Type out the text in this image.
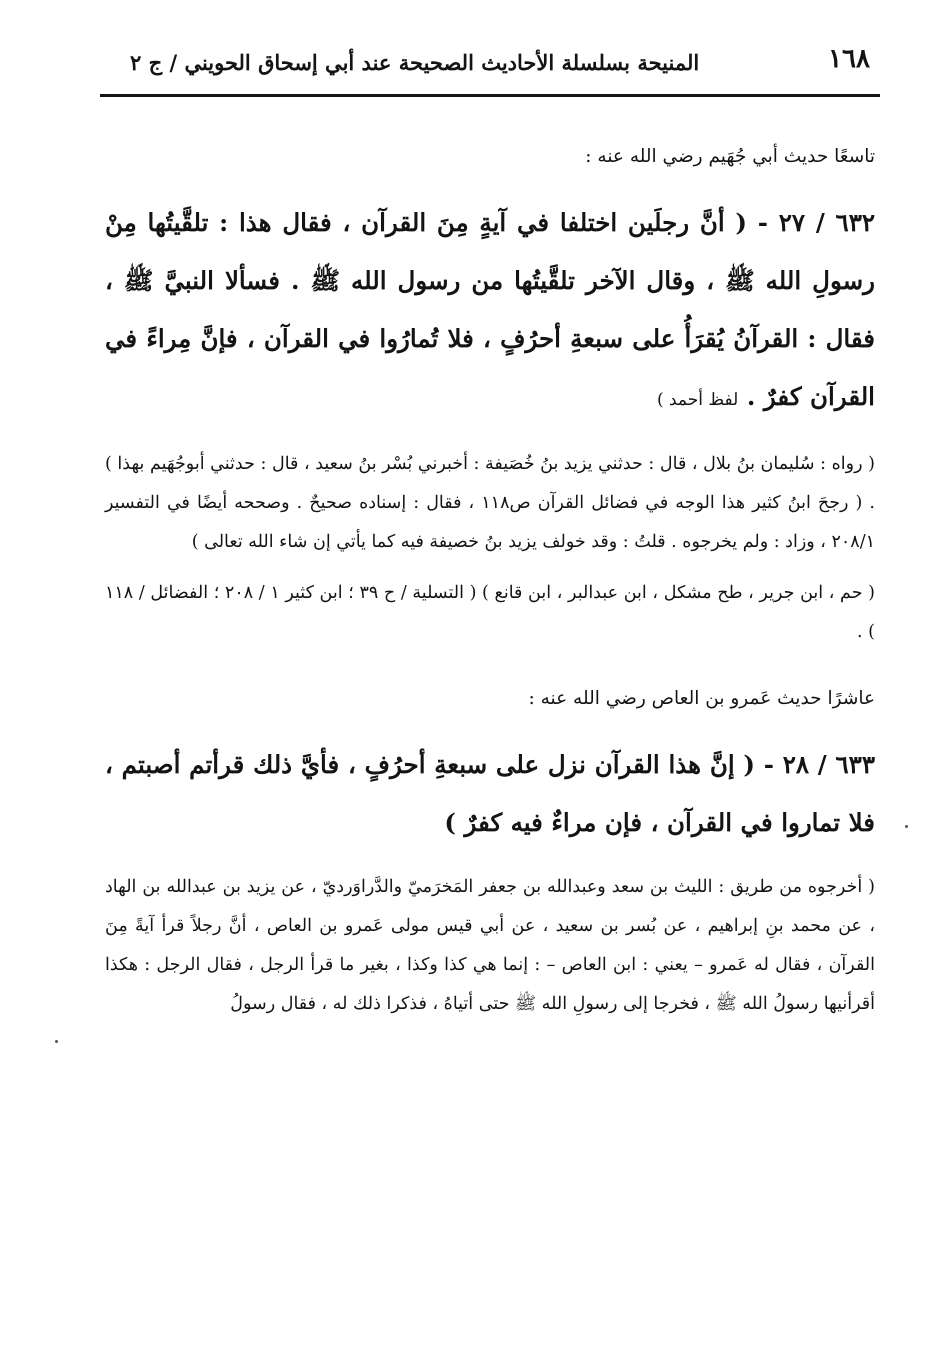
١٦٨
المنيحة بسلسلة الأحاديث الصحيحة عند أبي إسحاق الحويني / ج ٢

تاسعًا حديث أبي جُهَيم رضي الله عنه :

٦٣٢ / ٢٧ - ( أنَّ رجلَين اختلفا في آيةٍ مِنَ القرآن ، فقال هذا : تلقَّيتُها مِنْ رسولِ الله ﷺ ، وقال الآخر تلقَّيتُها من رسول الله ﷺ . فسألا النبيَّ ﷺ ، فقال : القرآنُ يُقرَأُ على سبعةِ أحرُفٍ ، فلا تُمارُوا في القرآن ، فإنَّ مِراءً في القرآن كفرٌ . لفظ أحمد )

( رواه : سُليمان بنُ بلال ، قال : حدثني يزيد بنُ خُصَيفة : أخبرني بُسْر بنُ سعيد ، قال : حدثني أبوجُهَيم بهذا ) . ( رجحَ ابنُ كثير هذا الوجه في فضائل القرآن ص١١٨ ، فقال : إسناده صحيحٌ . وصححه أيضًا في التفسير ٢٠٨/١ ، وزاد : ولم يخرجوه . قلتُ : وقد خولف يزيد بنُ خصيفة فيه كما يأتي إن شاء الله تعالى )

( حم ، ابن جرير ، طح مشكل ، ابن عبدالبر ، ابن قانع ) ( التسلية / ح ٣٩ ؛ ابن كثير ١ / ٢٠٨ ؛ الفضائل / ١١٨ ) .

عاشرًا حديث عَمرو بن العاص رضي الله عنه :

٦٣٣ / ٢٨ - ( إنَّ هذا القرآن نزل على سبعةِ أحرُفٍ ، فأيَّ ذلك قرأتم أصبتم ، فلا تماروا في القرآن ، فإن مراءٌ فيه كفرٌ )

( أخرجوه من طريق : الليث بن سعد وعبدالله بن جعفر المَخرَميّ والدَّراوَرديّ ، عن يزيد بن عبدالله بن الهاد ، عن محمد بنِ إبراهيم ، عن بُسر بن سعيد ، عن أبي قيس مولى عَمرو بن العاص ، أنَّ رجلاً قرأ آيةً مِنَ القرآن ، فقال له عَمرو – يعني : ابن العاص – : إنما هي كذا وكذا ، بغير ما قرأ الرجل ، فقال الرجل : هكذا أقرأنيها رسولُ الله ﷺ ، فخرجا إلى رسولِ الله ﷺ حتى أتياهُ ، فذكرا ذلك له ، فقال رسولُ
